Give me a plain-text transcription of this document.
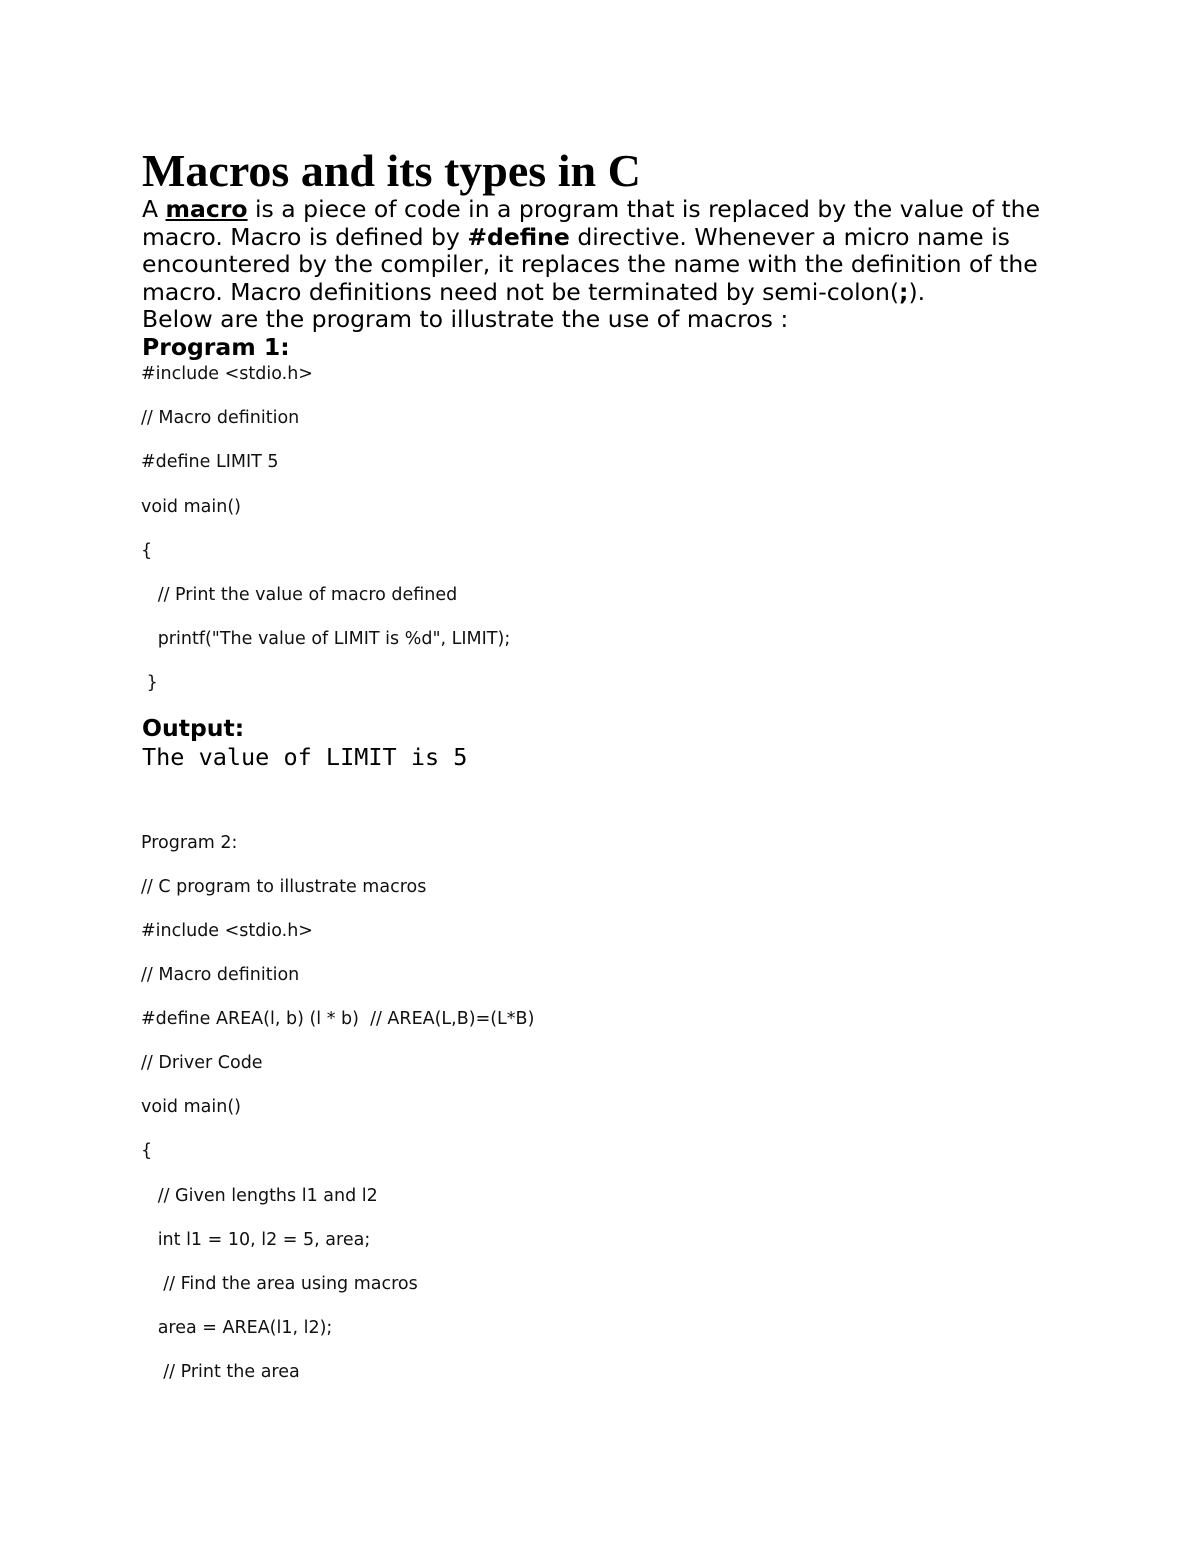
Macros and its types in C

A macro is a piece of code in a program that is replaced by the value of the
macro. Macro is defined by #define directive. Whenever a micro name is
encountered by the compiler, it replaces the name with the definition of the
macro. Macro definitions need not be terminated by semi-colon(;).
Below are the program to illustrate the use of macros :

Program 1:

#include <stdio.h>

// Macro definition

#define LIMIT 5

void main()

{

// Print the value of macro defined

printf("The value of LIMIT is %d", LIMIT);

}

Output:

The value of LIMIT is 5

Program 2:

// C program to illustrate macros

#include <stdio.h>

// Macro definition

#define AREA(l, b) (l * b)  // AREA(L,B)=(L*B)

// Driver Code

void main()

{

// Given lengths l1 and l2

int l1 = 10, l2 = 5, area;

// Find the area using macros

area = AREA(l1, l2);

// Print the area
